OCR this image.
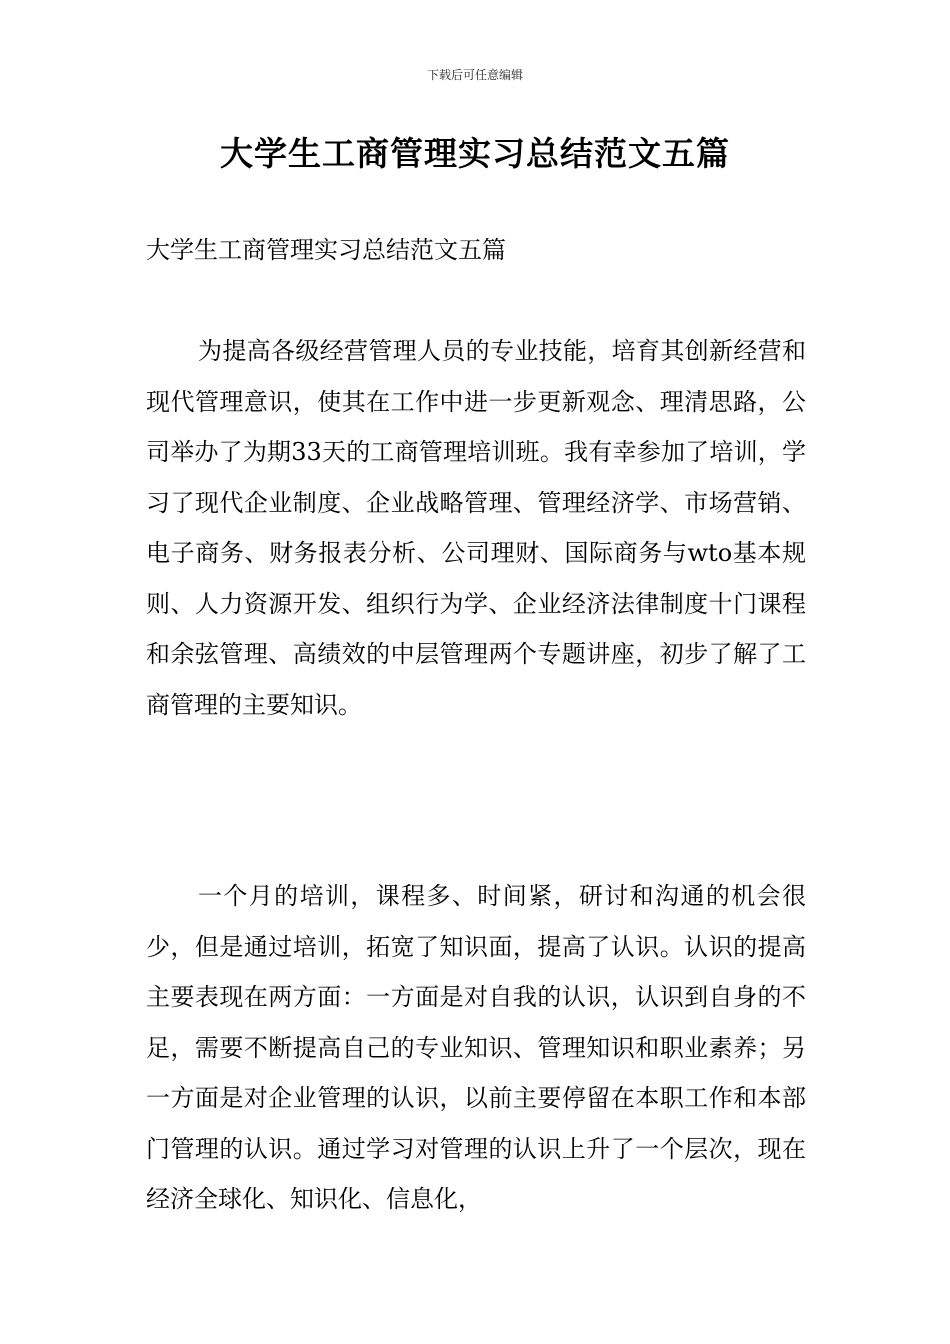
下载后可任意编辑
大学生工商管理实习总结范文五篇

大学生工商管理实习总结范文五篇

为提高各级经营管理人员的专业技能，培育其创新经营和现代管理意识，使其在工作中进一步更新观念、理清思路，公司举办了为期33天的工商管理培训班。我有幸参加了培训，学习了现代企业制度、企业战略管理、管理经济学、市场营销、电子商务、财务报表分析、公司理财、国际商务与wto基本规则、人力资源开发、组织行为学、企业经济法律制度十门课程和余弦管理、高绩效的中层管理两个专题讲座，初步了解了工商管理的主要知识。

一个月的培训，课程多、时间紧，研讨和沟通的机会很少，但是通过培训，拓宽了知识面，提高了认识。认识的提高主要表现在两方面：一方面是对自我的认识，认识到自身的不足，需要不断提高自己的专业知识、管理知识和职业素养；另一方面是对企业管理的认识，以前主要停留在本职工作和本部门管理的认识。通过学习对管理的认识上升了一个层次，现在经济全球化、知识化、信息化，
